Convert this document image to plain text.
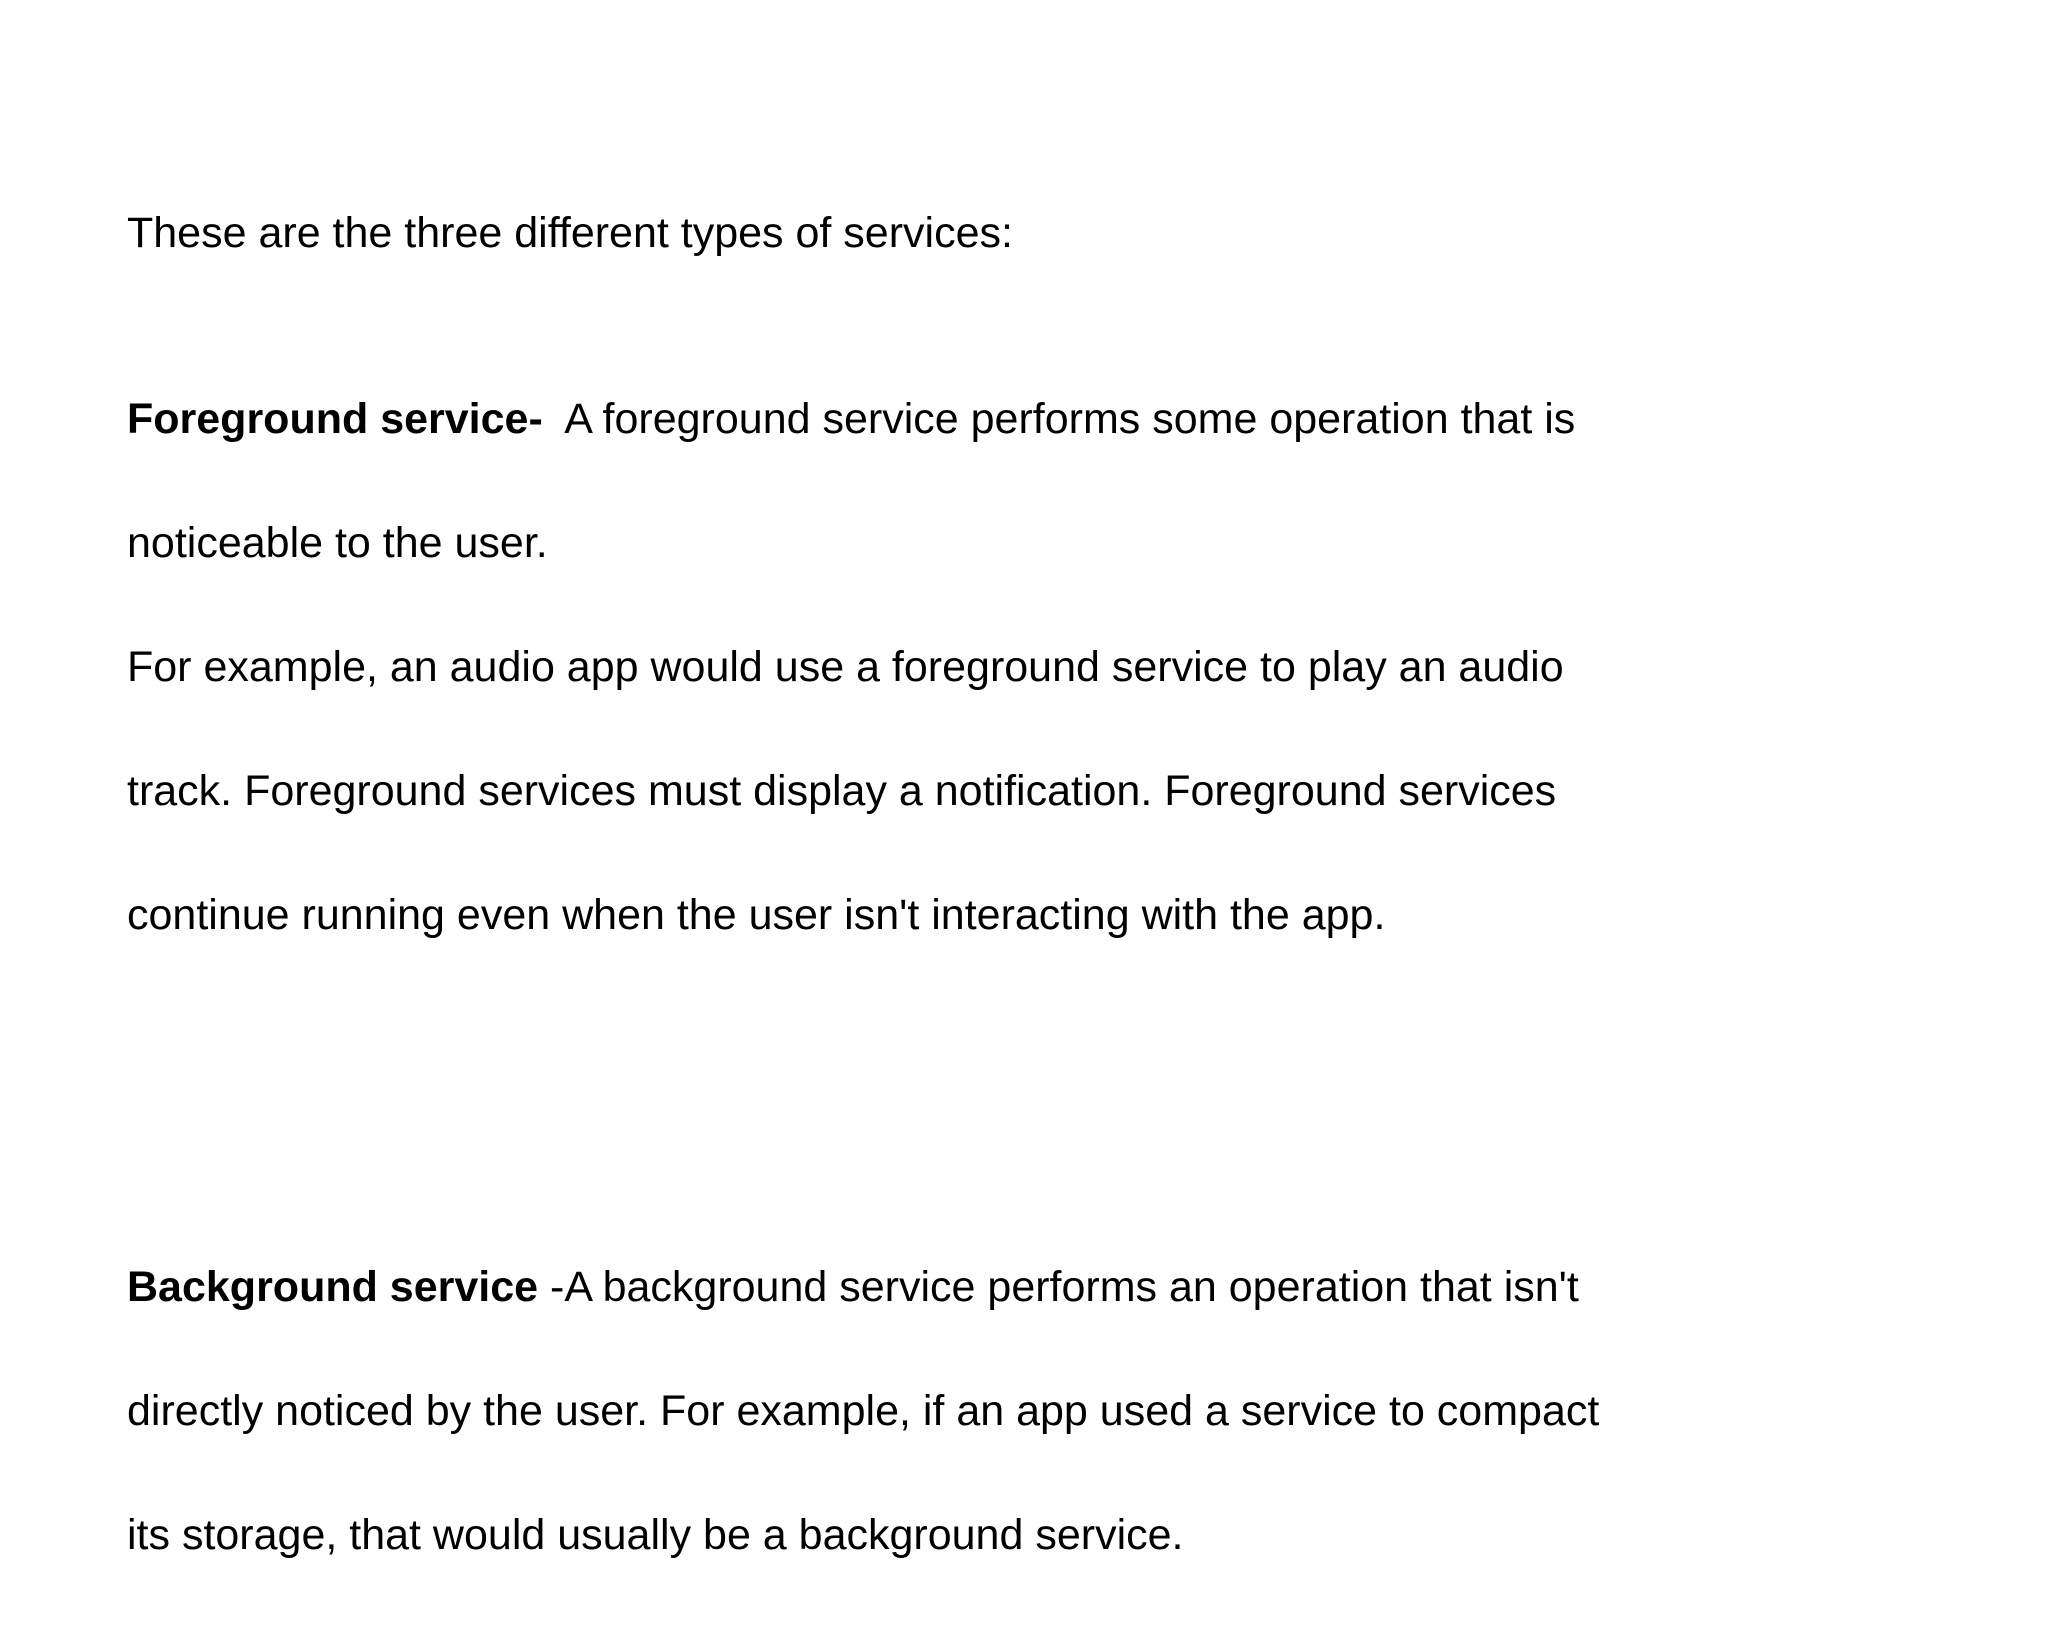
These are the three different types of services:

Foreground service-  A foreground service performs some operation that is

noticeable to the user.

For example, an audio app would use a foreground service to play an audio

track. Foreground services must display a notification. Foreground services

continue running even when the user isn't interacting with the app.

Background service -A background service performs an operation that isn't

directly noticed by the user. For example, if an app used a service to compact

its storage, that would usually be a background service.
